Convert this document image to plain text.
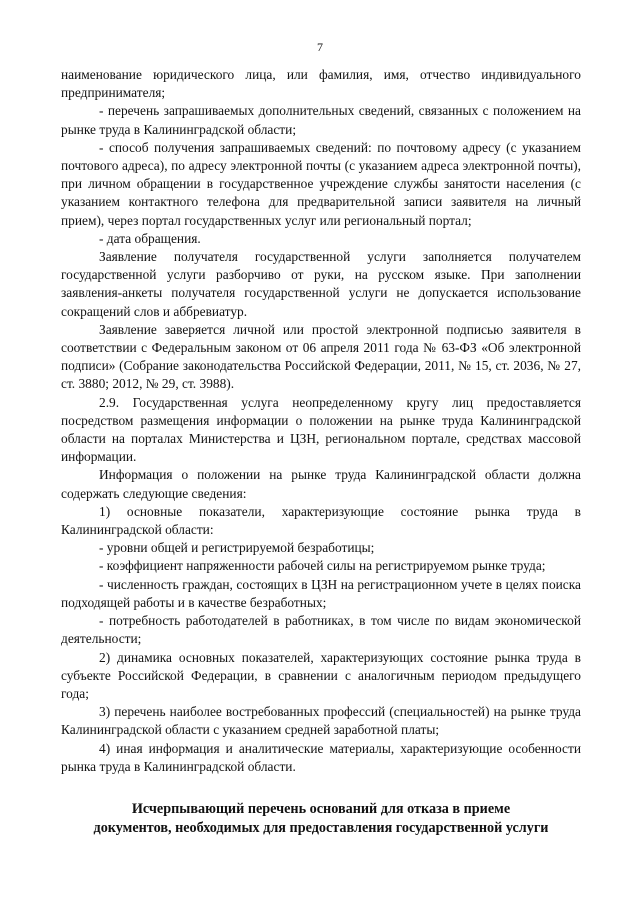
7

наименование юридического лица, или фамилия, имя, отчество индивидуального предпринимателя;

- перечень запрашиваемых дополнительных сведений, связанных с положением на рынке труда в Калининградской области;

- способ получения запрашиваемых сведений: по почтовому адресу (с указанием почтового адреса), по адресу электронной почты (с указанием адреса электронной почты), при личном обращении в государственное учреждение службы занятости населения (с указанием контактного телефона для предварительной записи заявителя на личный прием), через портал государственных услуг или региональный портал;

- дата обращения.

Заявление получателя государственной услуги заполняется получателем государственной услуги разборчиво от руки, на русском языке. При заполнении заявления-анкеты получателя государственной услуги не допускается использование сокращений слов и аббревиатур.

Заявление заверяется личной или простой электронной подписью заявителя в соответствии с Федеральным законом от 06 апреля 2011 года № 63-ФЗ «Об электронной подписи» (Собрание законодательства Российской Федерации, 2011, № 15, ст. 2036, № 27, ст. 3880; 2012, № 29, ст. 3988).

2.9. Государственная услуга неопределенному кругу лиц предоставляется посредством размещения информации о положении на рынке труда Калининградской области на порталах Министерства и ЦЗН, региональном портале, средствах массовой информации.

Информация о положении на рынке труда Калининградской области должна содержать следующие сведения:

1) основные показатели, характеризующие состояние рынка труда в Калининградской области:

- уровни общей и регистрируемой безработицы;

- коэффициент напряженности рабочей силы на регистрируемом рынке труда;

- численность граждан, состоящих в ЦЗН на регистрационном учете в целях поиска подходящей работы и в качестве безработных;

- потребность работодателей в работниках, в том числе по видам экономической деятельности;

2) динамика основных показателей, характеризующих состояние рынка труда в субъекте Российской Федерации, в сравнении с аналогичным периодом предыдущего года;

3) перечень наиболее востребованных профессий (специальностей) на рынке труда Калининградской области с указанием средней заработной платы;

4) иная информация и аналитические материалы, характеризующие особенности рынка труда в Калининградской области.

Исчерпывающий перечень оснований для отказа в приеме
документов, необходимых для предоставления государственной услуги
